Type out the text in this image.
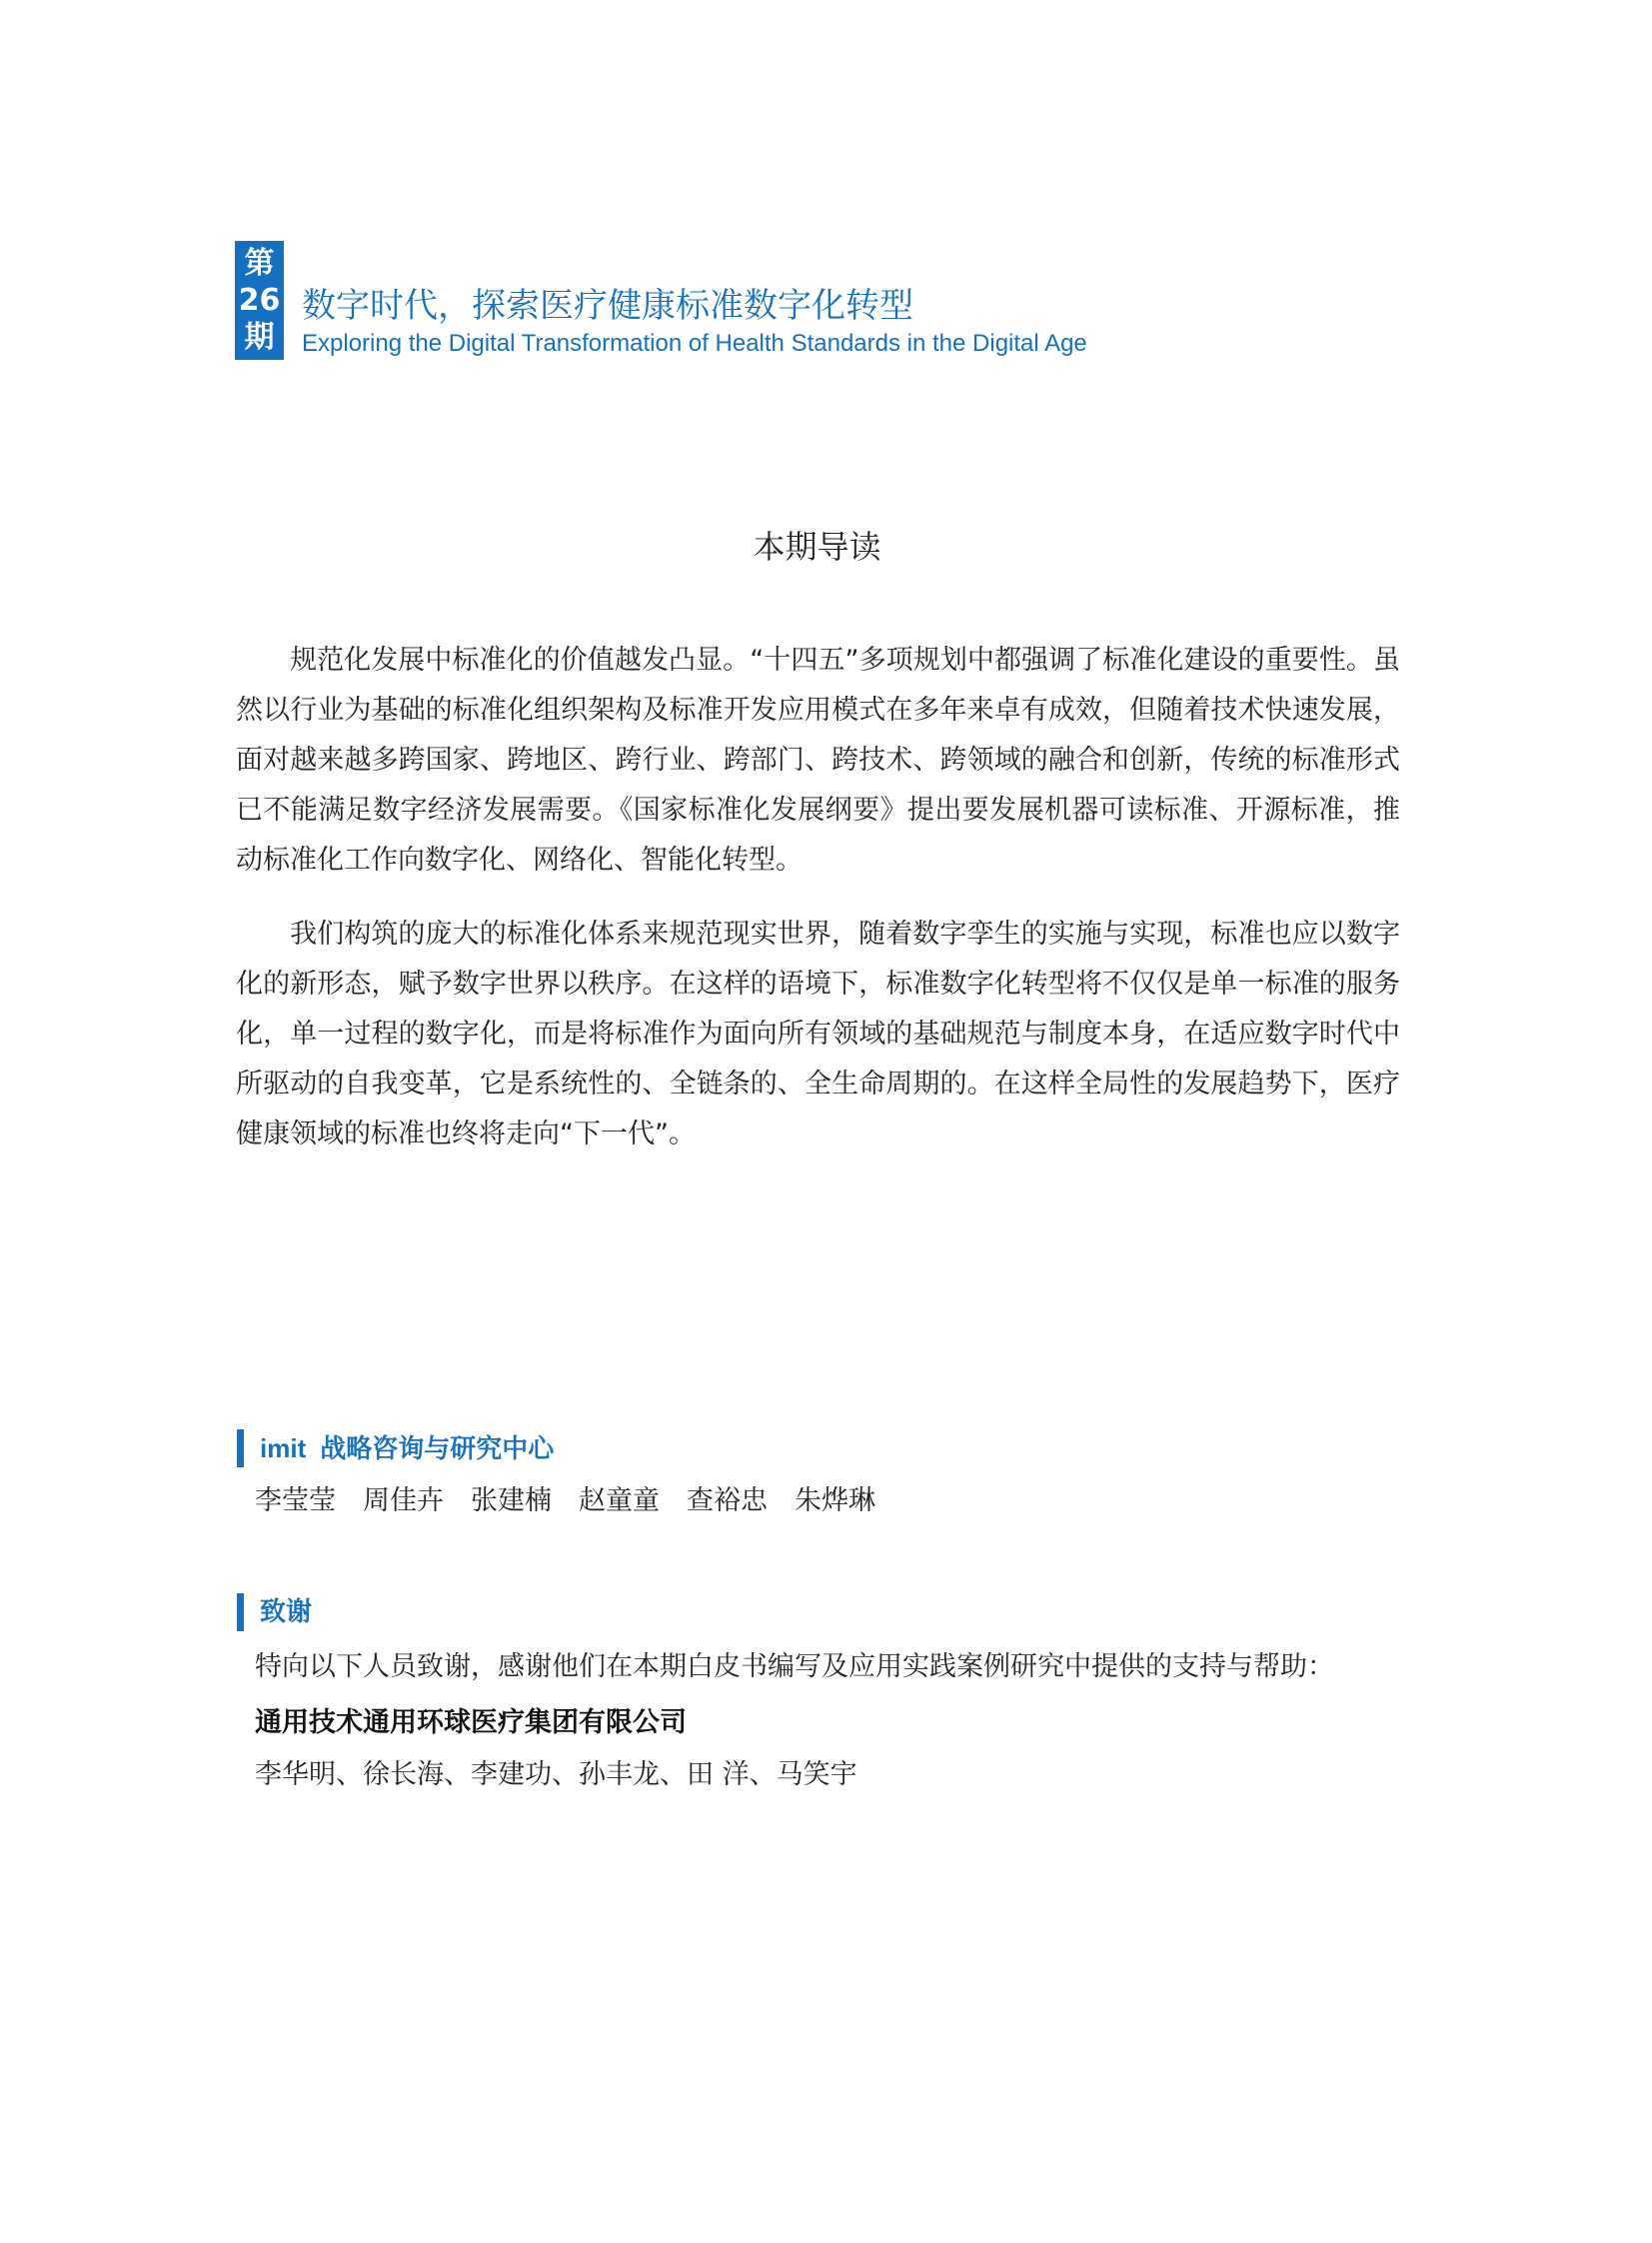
第
26
期
数字时代，探索医疗健康标准数字化转型
Exploring the Digital Transformation of Health Standards in the Digital Age
本期导读

规范化发展中标准化的价值越发凸显。“十四五”多项规划中都强调了标准化建设的重要性。虽然以行业为基础的标准化组织架构及标准开发应用模式在多年来卓有成效，但随着技术快速发展，面对越来越多跨国家、跨地区、跨行业、跨部门、跨技术、跨领域的融合和创新，传统的标准形式已不能满足数字经济发展需要。《国家标准化发展纲要》提出要发展机器可读标准、开源标准，推动标准化工作向数字化、网络化、智能化转型。

我们构筑的庞大的标准化体系来规范现实世界，随着数字孪生的实施与实现，标准也应以数字化的新形态，赋予数字世界以秩序。在这样的语境下，标准数字化转型将不仅仅是单一标准的服务化，单一过程的数字化，而是将标准作为面向所有领域的基础规范与制度本身，在适应数字时代中所驱动的自我变革，它是系统性的、全链条的、全生命周期的。在这样全局性的发展趋势下，医疗健康领域的标准也终将走向“下一代”。

imit 战略咨询与研究中心
李莹莹 周佳卉 张建楠 赵童童 查裕忠 朱烨琳
致谢
特向以下人员致谢，感谢他们在本期白皮书编写及应用实践案例研究中提供的支持与帮助：
通用技术通用环球医疗集团有限公司
李华明、徐长海、李建功、孙丰龙、田 洋、马笑宇
